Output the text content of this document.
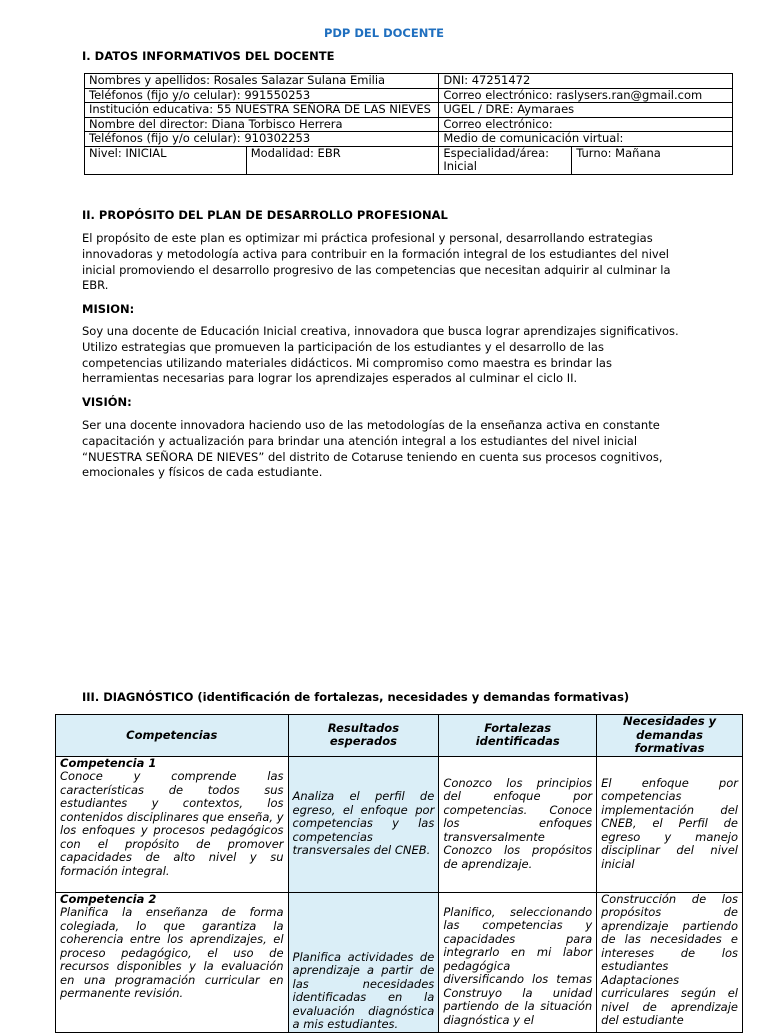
PDP DEL DOCENTE
I. DATOS INFORMATIVOS DEL DOCENTE
Nombres y apellidos: Rosales Salazar Sulana Emilia		DNI: 47251472	
Teléfonos (fijo y/o celular): 991550253		Correo electrónico: raslysers.ran@gmail.com	
Institución educativa: 55 NUESTRA SEÑORA DE LAS NIEVES		UGEL / DRE: Aymaraes	
Nombre del director: Diana Torbisco Herrera		Correo electrónico:	
Teléfonos (fijo y/o celular): 910302253		Medio de comunicación virtual:	
Nivel: INICIAL	Modalidad: EBR	Especialidad/área: Inicial	Turno: Mañana
II. PROPÓSITO DEL PLAN DE DESARROLLO PROFESIONAL
El propósito de este plan es optimizar mi práctica profesional y personal, desarrollando estrategias innovadoras y metodología activa para contribuir en la formación integral de los estudiantes del nivel inicial promoviendo el desarrollo progresivo de las competencias que necesitan adquirir al culminar la EBR.
MISION:
Soy una docente de Educación Inicial creativa, innovadora que busca lograr aprendizajes significativos. Utilizo estrategias que promueven la participación de los estudiantes y el desarrollo de las competencias utilizando materiales didácticos. Mi compromiso como maestra es brindar las herramientas necesarias para lograr los aprendizajes esperados al culminar el ciclo II.
VISIÓN:
Ser una docente innovadora haciendo uso de las metodologías de la enseñanza activa en constante capacitación y actualización para brindar una atención integral a los estudiantes del nivel inicial “NUESTRA SEÑORA DE NIEVES” del distrito de Cotaruse teniendo en cuenta sus procesos cognitivos, emocionales y físicos de cada estudiante.
III. DIAGNÓSTICO (identificación de fortalezas, necesidades y demandas formativas)
Competencias	Resultados esperados	Fortalezas identificadas	Necesidades y demandas formativas

Competencia 1
Conoce y comprende las características de todos sus estudiantes y contextos, los contenidos disciplinares que enseña, y los enfoques y procesos pedagógicos con el propósito de promover capacidades de alto nivel y su formación integral.	Analiza el perfil de egreso, el enfoque por competencias y las competencias transversales del CNEB.	Conozco los principios del enfoque por competencias. Conoce los enfoques transversalmente Conozco los propósitos de aprendizaje.	El enfoque por competencias implementación del CNEB, el Perfil de egreso y manejo disciplinar del nivel inicial

Competencia 2
Planifica la enseñanza de forma colegiada, lo que garantiza la coherencia entre los aprendizajes, el proceso pedagógico, el uso de recursos disponibles y la evaluación en una programación curricular en permanente revisión.	Planifica actividades de aprendizaje a partir de las necesidades identificadas en la evaluación diagnóstica a mis estudiantes.	Planifico, seleccionando las competencias y capacidades para integrarlo en mi labor pedagógica diversificando los temas Construyo la unidad partiendo de la situación diagnóstica y el	Construcción de los propósitos de aprendizaje partiendo de las necesidades e intereses de los estudiantes Adaptaciones curriculares según el nivel de aprendizaje del estudiante
